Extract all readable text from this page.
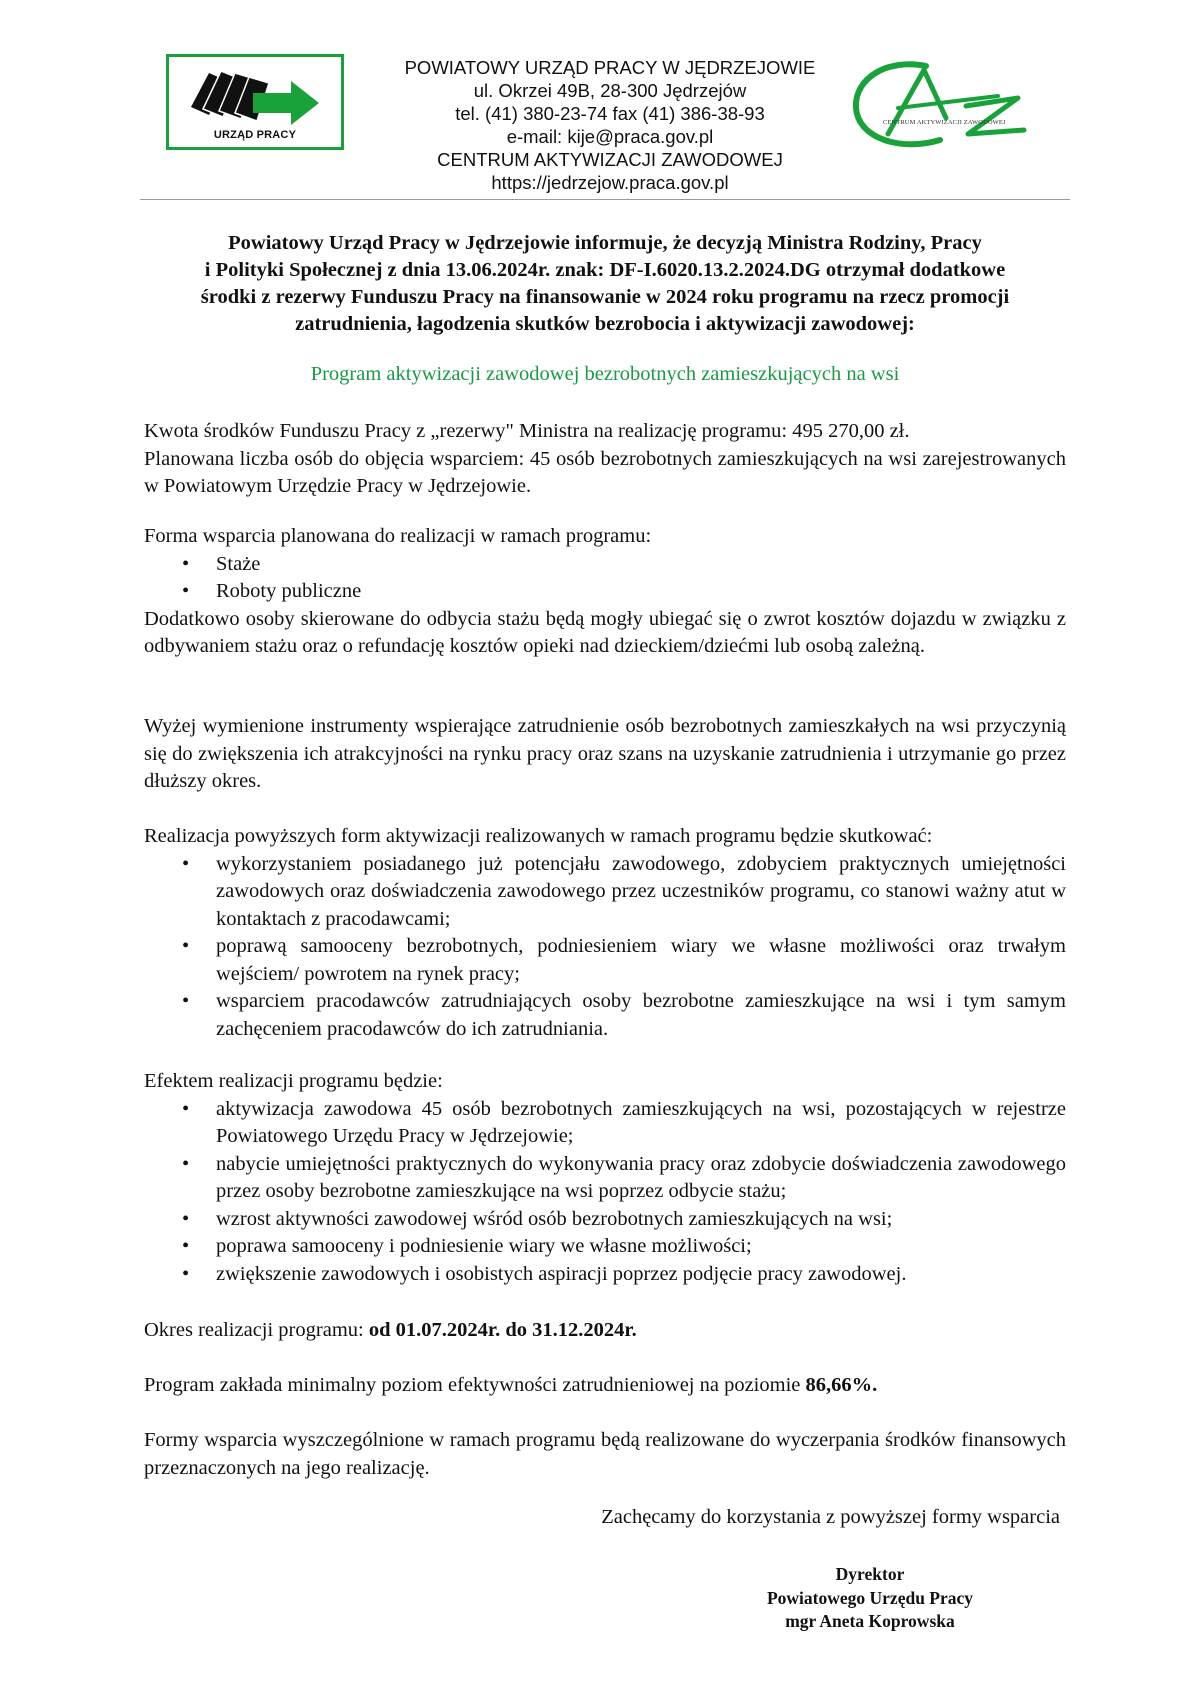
URZĄD PRACY
POWIATOWY URZĄD PRACY W JĘDRZEJOWIE
ul. Okrzei 49B, 28-300 Jędrzejów
tel. (41) 380-23-74 fax (41) 386-38-93
e-mail: kije@praca.gov.pl
CENTRUM AKTYWIZACJI ZAWODOWEJ
https://jedrzejow.praca.gov.pl
CENTRUM AKTYWIZACJI ZAWODOWEJ
Powiatowy Urząd Pracy w Jędrzejowie informuje, że decyzją Ministra Rodziny, Pracy
i Polityki Społecznej z dnia 13.06.2024r. znak: DF-I.6020.13.2.2024.DG otrzymał dodatkowe
środki z rezerwy Funduszu Pracy na finansowanie w 2024 roku programu na rzecz promocji
zatrudnienia, łagodzenia skutków bezrobocia i aktywizacji zawodowej:
Program aktywizacji zawodowej bezrobotnych zamieszkujących na wsi

Kwota środków Funduszu Pracy z „rezerwy" Ministra na realizację programu: 495 270,00 zł.

Planowana liczba osób do objęcia wsparciem: 45 osób bezrobotnych zamieszkujących na wsi zarejestrowanych w Powiatowym Urzędzie Pracy w Jędrzejowie.

Forma wsparcia planowana do realizacji w ramach programu:

• Staże
• Roboty publiczne

Dodatkowo osoby skierowane do odbycia stażu będą mogły ubiegać się o zwrot kosztów dojazdu w związku z odbywaniem stażu oraz o refundację kosztów opieki nad dzieckiem/dziećmi lub osobą zależną.

Wyżej wymienione instrumenty wspierające zatrudnienie osób bezrobotnych zamieszkałych na wsi przyczynią się do zwiększenia ich atrakcyjności na rynku pracy oraz szans na uzyskanie zatrudnienia i utrzymanie go przez dłuższy okres.

Realizacja powyższych form aktywizacji realizowanych w ramach programu będzie skutkować:

• wykorzystaniem posiadanego już potencjału zawodowego, zdobyciem praktycznych umiejętności zawodowych oraz doświadczenia zawodowego przez uczestników programu, co stanowi ważny atut w kontaktach z pracodawcami;
• poprawą samooceny bezrobotnych, podniesieniem wiary we własne możliwości oraz trwałym wejściem/ powrotem na rynek pracy;
• wsparciem pracodawców zatrudniających osoby bezrobotne zamieszkujące na wsi i tym samym zachęceniem pracodawców do ich zatrudniania.

Efektem realizacji programu będzie:

• aktywizacja zawodowa 45 osób bezrobotnych zamieszkujących na wsi, pozostających w rejestrze Powiatowego Urzędu Pracy w Jędrzejowie;
• nabycie umiejętności praktycznych do wykonywania pracy oraz zdobycie doświadczenia zawodowego przez osoby bezrobotne zamieszkujące na wsi poprzez odbycie stażu;
• wzrost aktywności zawodowej wśród osób bezrobotnych zamieszkujących na wsi;
• poprawa samooceny i podniesienie wiary we własne możliwości;
• zwiększenie zawodowych i osobistych aspiracji poprzez podjęcie pracy zawodowej.

Okres realizacji programu: od 01.07.2024r. do 31.12.2024r.

Program zakłada minimalny poziom efektywności zatrudnieniowej na poziomie 86,66%.

Formy wsparcia wyszczególnione w ramach programu będą realizowane do wyczerpania środków finansowych przeznaczonych na jego realizację.

Zachęcamy do korzystania z powyższej formy wsparcia
Dyrektor
Powiatowego Urzędu Pracy
mgr Aneta Koprowska
